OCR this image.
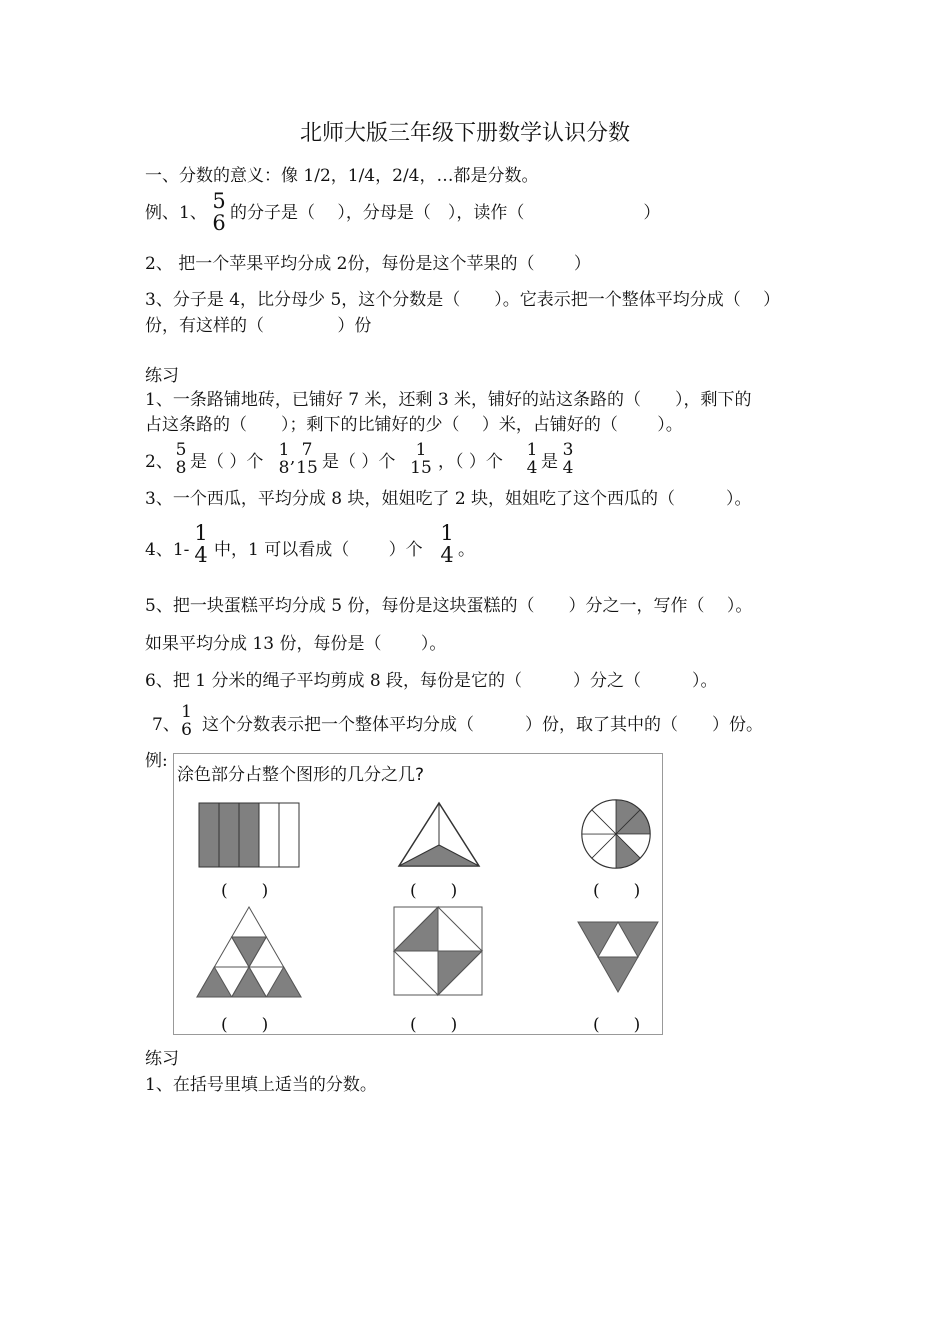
北师大版三年级下册数学认识分数
一、分数的意义：像 1/2，1/4，2/4，…都是分数。
例、1、 5
6 的分子是（　 ），分母是（　），读作（　　　　　　　）
2、 把一个苹果平均分成 2份，每份是这个苹果的（　　 ）
3、分子是 4，比分母少 5，这个分数是（　　）。它表示把一个整体平均分成（　 ）
份，有这样的（　　　　 ）份
练习
1、一条路铺地砖，已铺好 7 米，还剩 3 米，铺好的站这条路的（　　），剩下的
占这条路的（　　）；剩下的比铺好的少（　 ）米，占铺好的（　　 ）。
2、
5
8 是（ ）个
1
8 , 7
15 是（ ）个
1
15 ，（ ）个
1
4 是
3
4
3、一个西瓜，平均分成 8 块，姐姐吃了 2 块，姐姐吃了这个西瓜的（　　　）。
4、1-
1
4 中，1 可以看成（　　 ）个
1
4 。
5、把一块蛋糕平均分成 5 份，每份是这块蛋糕的（　　）分之一，写作（　 ）。
如果平均分成 13 份，每份是（　　 ）。
6、把 1 分米的绳子平均剪成 8 段，每份是它的（　　　）分之（　　　）。
7、
1
6 这个分数表示把一个整体平均分成（　　　）份，取了其中的（　　）份。
例:
涂色部分占整个图形的几分之几?
(　　)	(　　)	(　　)
(　　)	(　　)	(　　)
练习
1、在括号里填上适当的分数。
